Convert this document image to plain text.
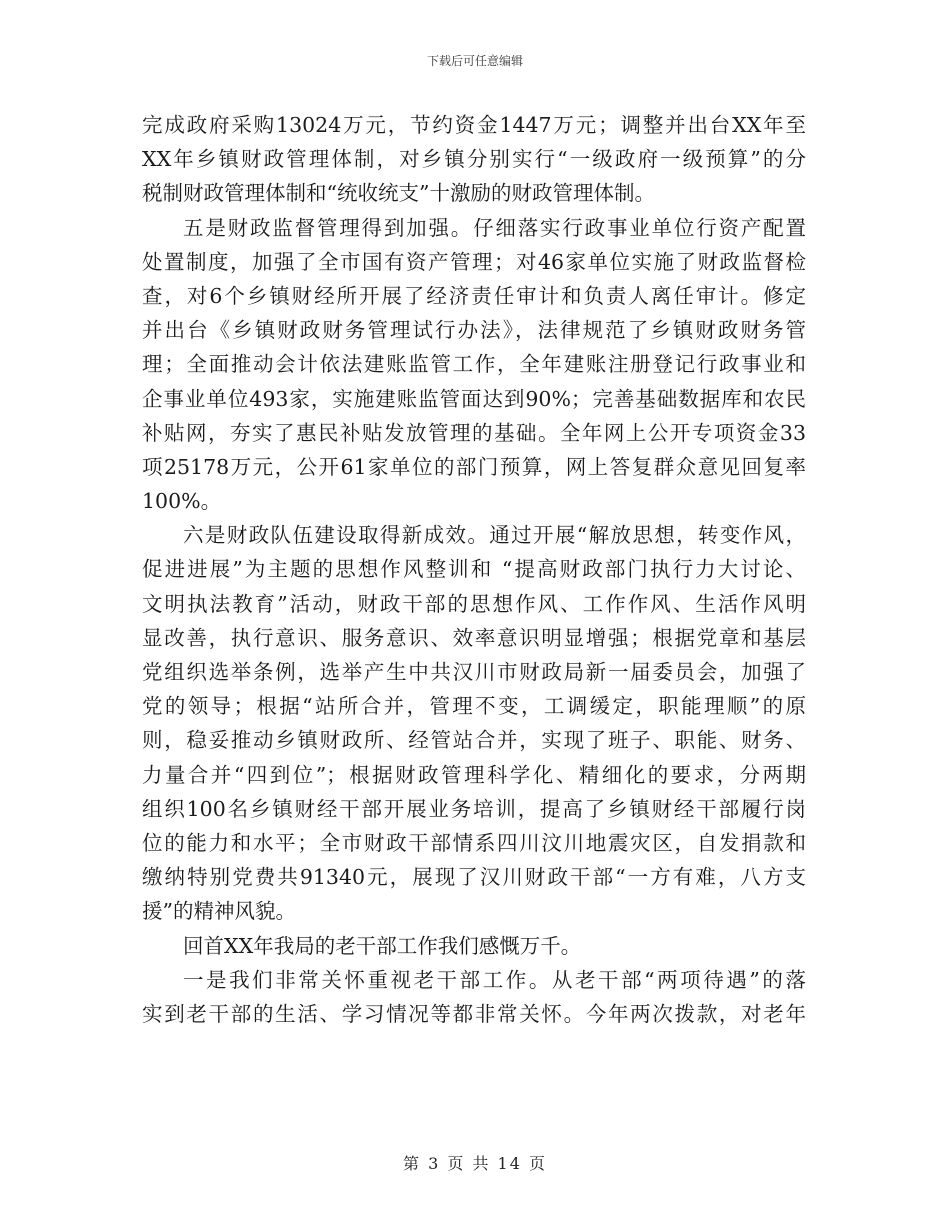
下载后可任意编辑
完成政府采购13024万元，节约资金1447万元；调整并出台XX年至
XX年乡镇财政管理体制，对乡镇分别实行“一级政府一级预算”的分
税制财政管理体制和“统收统支”十激励的财政管理体制。
五是财政监督管理得到加强。仔细落实行政事业单位行资产配置
处置制度，加强了全市国有资产管理；对46家单位实施了财政监督检
查，对6个乡镇财经所开展了经济责任审计和负责人离任审计。修定
并出台《乡镇财政财务管理试行办法》，法律规范了乡镇财政财务管
理；全面推动会计依法建账监管工作，全年建账注册登记行政事业和
企事业单位493家，实施建账监管面达到90%；完善基础数据库和农民
补贴网，夯实了惠民补贴发放管理的基础。全年网上公开专项资金33
项25178万元，公开61家单位的部门预算，网上答复群众意见回复率
100%。
六是财政队伍建设取得新成效。通过开展“解放思想，转变作风，
促进进展”为主题的思想作风整训和 “提高财政部门执行力大讨论、
文明执法教育”活动，财政干部的思想作风、工作作风、生活作风明
显改善，执行意识、服务意识、效率意识明显增强；根据党章和基层
党组织选举条例，选举产生中共汉川市财政局新一届委员会，加强了
党的领导；根据“站所合并，管理不变，工调缓定，职能理顺”的原
则，稳妥推动乡镇财政所、经管站合并，实现了班子、职能、财务、
力量合并“四到位”；根据财政管理科学化、精细化的要求，分两期
组织100名乡镇财经干部开展业务培训，提高了乡镇财经干部履行岗
位的能力和水平；全市财政干部情系四川汶川地震灾区，自发捐款和
缴纳特别党费共91340元，展现了汉川财政干部“一方有难，八方支
援”的精神风貌。
回首XX年我局的老干部工作我们感慨万千。
一是我们非常关怀重视老干部工作。从老干部“两项待遇”的落
实到老干部的生活、学习情况等都非常关怀。今年两次拨款，对老年
第 3 页 共 14 页
